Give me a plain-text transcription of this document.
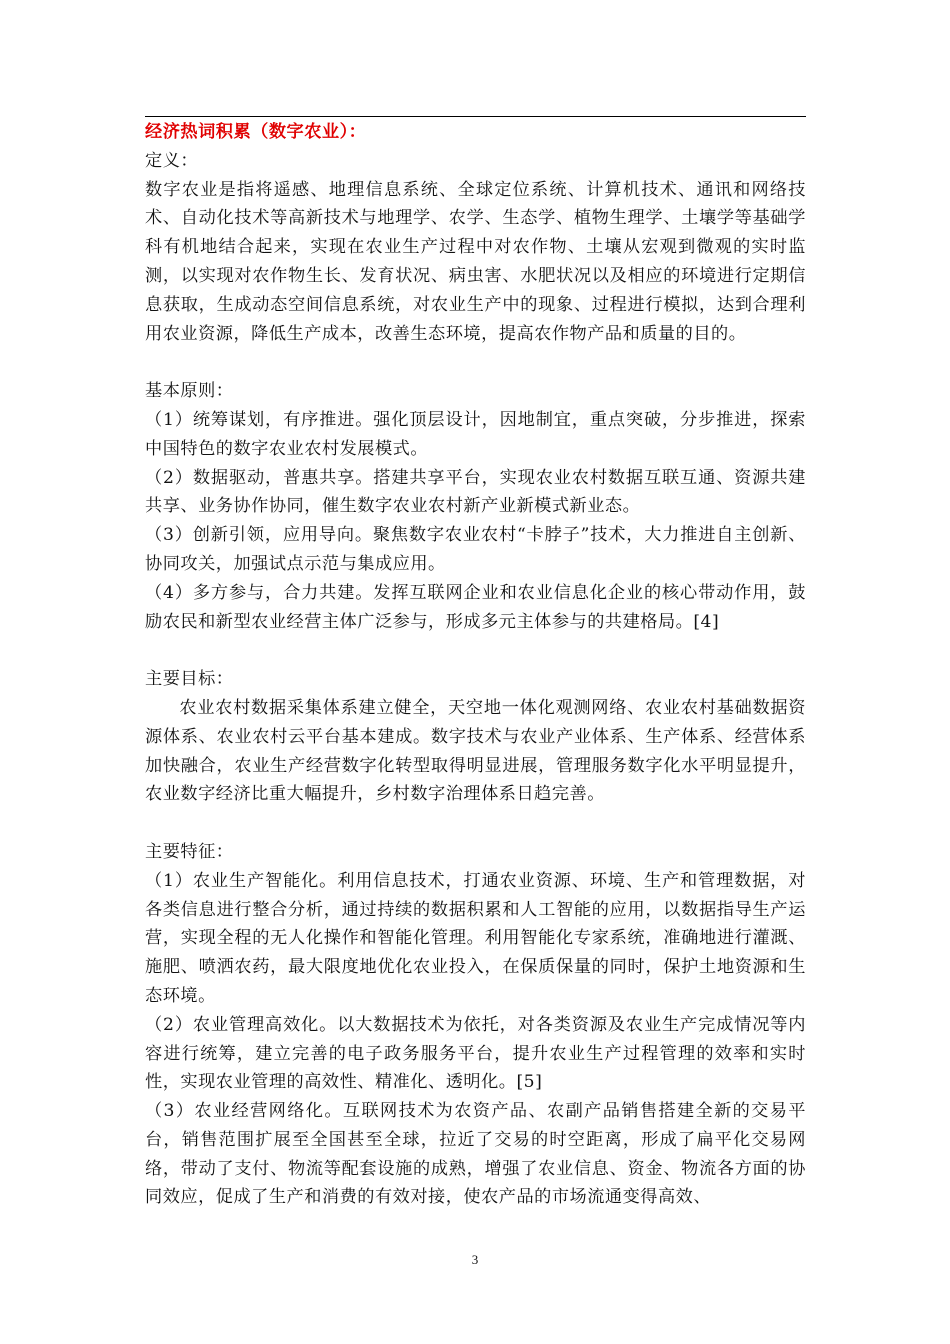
经济热词积累（数字农业）：

定义：

数字农业是指将遥感、地理信息系统、全球定位系统、计算机技术、通讯和网络技术、自动化技术等高新技术与地理学、农学、生态学、植物生理学、土壤学等基础学科有机地结合起来，实现在农业生产过程中对农作物、土壤从宏观到微观的实时监测，以实现对农作物生长、发育状况、病虫害、水肥状况以及相应的环境进行定期信息获取，生成动态空间信息系统，对农业生产中的现象、过程进行模拟，达到合理利用农业资源，降低生产成本，改善生态环境，提高农作物产品和质量的目的。

基本原则：

（1）统筹谋划，有序推进。强化顶层设计，因地制宜，重点突破，分步推进，探索中国特色的数字农业农村发展模式。

（2）数据驱动，普惠共享。搭建共享平台，实现农业农村数据互联互通、资源共建共享、业务协作协同，催生数字农业农村新产业新模式新业态。

（3）创新引领，应用导向。聚焦数字农业农村“卡脖子”技术，大力推进自主创新、协同攻关，加强试点示范与集成应用。

（4）多方参与，合力共建。发挥互联网企业和农业信息化企业的核心带动作用，鼓励农民和新型农业经营主体广泛参与，形成多元主体参与的共建格局。[4]

主要目标：

农业农村数据采集体系建立健全，天空地一体化观测网络、农业农村基础数据资源体系、农业农村云平台基本建成。数字技术与农业产业体系、生产体系、经营体系加快融合，农业生产经营数字化转型取得明显进展，管理服务数字化水平明显提升，农业数字经济比重大幅提升，乡村数字治理体系日趋完善。

主要特征：

（1）农业生产智能化。利用信息技术，打通农业资源、环境、生产和管理数据，对各类信息进行整合分析，通过持续的数据积累和人工智能的应用，以数据指导生产运营，实现全程的无人化操作和智能化管理。利用智能化专家系统，准确地进行灌溉、施肥、喷洒农药，最大限度地优化农业投入，在保质保量的同时，保护土地资源和生态环境。

（2）农业管理高效化。以大数据技术为依托，对各类资源及农业生产完成情况等内容进行统筹，建立完善的电子政务服务平台，提升农业生产过程管理的效率和实时性，实现农业管理的高效性、精准化、透明化。[5]

（3）农业经营网络化。互联网技术为农资产品、农副产品销售搭建全新的交易平台，销售范围扩展至全国甚至全球，拉近了交易的时空距离，形成了扁平化交易网络，带动了支付、物流等配套设施的成熟，增强了农业信息、资金、物流各方面的协同效应，促成了生产和消费的有效对接，使农产品的市场流通变得高效、

3
